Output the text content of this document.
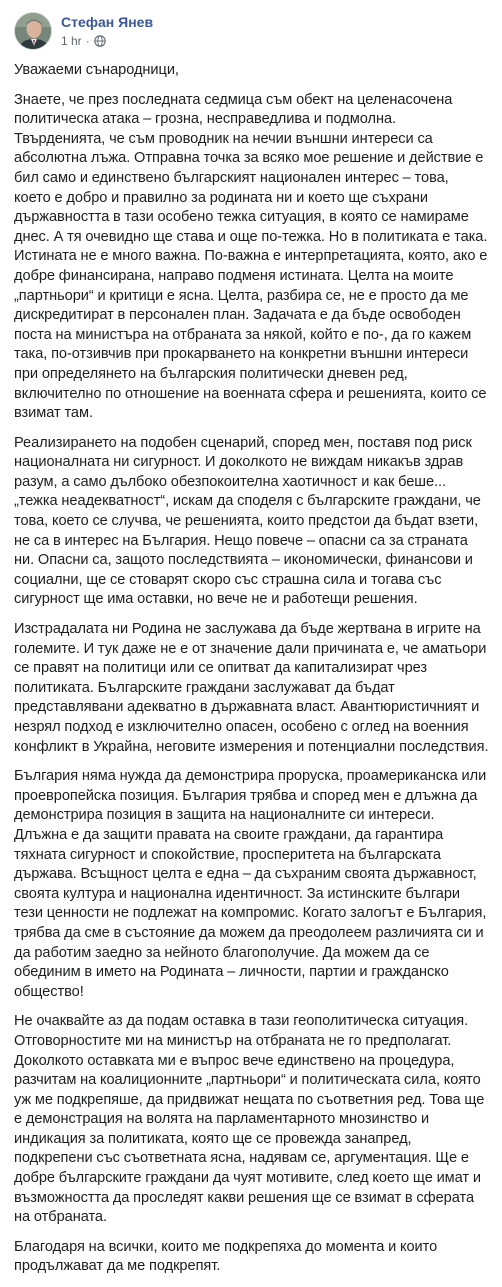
Стефан Янев
1 hr ·

Уважаеми сънародници,

Знаете, че през последната седмица съм обект на целенасочена политическа атака – грозна, несправедлива и подмолна. Твърденията, че съм проводник на нечии външни интереси са абсолютна лъжа. Отправна точка за всяко мое решение и действие е бил само и единствено българският национален интерес – това, което е добро и правилно за родината ни и което ще съхрани държавността в тази особено тежка ситуация, в която се намираме днес. А тя очевидно ще става и още по-тежка. Но в политиката е така. Истината не е много важна. По-важна е интерпретацията, която, ако е добре финансирана, направо подменя истината. Целта на моите „партньори“ и критици е ясна. Целта, разбира се, не е просто да ме дискредитират в персонален план. Задачата е да бъде освободен поста на министъра на отбраната за някой, който е по-, да го кажем така, по-отзивчив при прокарването на конкретни външни интереси при определянето на българския политически дневен ред, включително по отношение на военната сфера и решенията, които се взимат там.

Реализирането на подобен сценарий, според мен, поставя под риск националната ни сигурност. И доколкото не виждам никакъв здрав разум, а само дълбоко обезпокоителна хаотичност и как беше... „тежка неадекватност“, искам да споделя с българските граждани, че това, което се случва, че решенията, които предстои да бъдат взети, не са в интерес на България. Нещо повече – опасни са за страната ни. Опасни са, защото последствията – икономически, финансови и социални, ще се стоварят скоро със страшна сила и тогава със сигурност ще има оставки, но вече не и работещи решения.

Изстрадалата ни Родина не заслужава да бъде жертвана в игрите на големите. И тук даже не е от значение дали причината е, че аматьори се правят на политици или се опитват да капитализират чрез политиката. Българските граждани заслужават да бъдат представлявани адекватно в държавната власт. Авантюристичният и незрял подход е изключително опасен, особено с оглед на военния конфликт в Украйна, неговите измерения и потенциални последствия.

България няма нужда да демонстрира проруска, проамериканска или проевропейска позиция. България трябва и според мен е длъжна да демонстрира позиция в защита на националните си интереси. Длъжна е да защити правата на своите граждани, да гарантира тяхната сигурност и спокойствие, просперитета на българската държава. Всъщност целта е една – да съхраним своята държавност, своята култура и национална идентичност. За истинските българи тези ценности не подлежат на компромис. Когато залогът е България, трябва да сме в състояние да можем да преодолеем различията си и да работим заедно за нейното благополучие. Да можем да се обединим в името на Родината – личности, партии и гражданско общество!

Не очаквайте аз да подам оставка в тази геополитическа ситуация. Отговорностите ми на министър на отбраната не го предполагат. Доколкото оставката ми е въпрос вече единствено на процедура, разчитам на коалиционните „партньори“ и политическата сила, която уж ме подкрепяше, да придвижат нещата по съответния ред. Това ще е демонстрация на волята на парламентарното мнозинство и индикация за политиката, която ще се провежда занапред, подкрепени със съответната ясна, надявам се, аргументация. Ще е добре българските граждани да чуят мотивите, след което ще имат и възможността да проследят какви решения ще се взимат в сферата на отбраната.

Благодаря на всички, които ме подкрепяха до момента и които продължават да ме подкрепят.
